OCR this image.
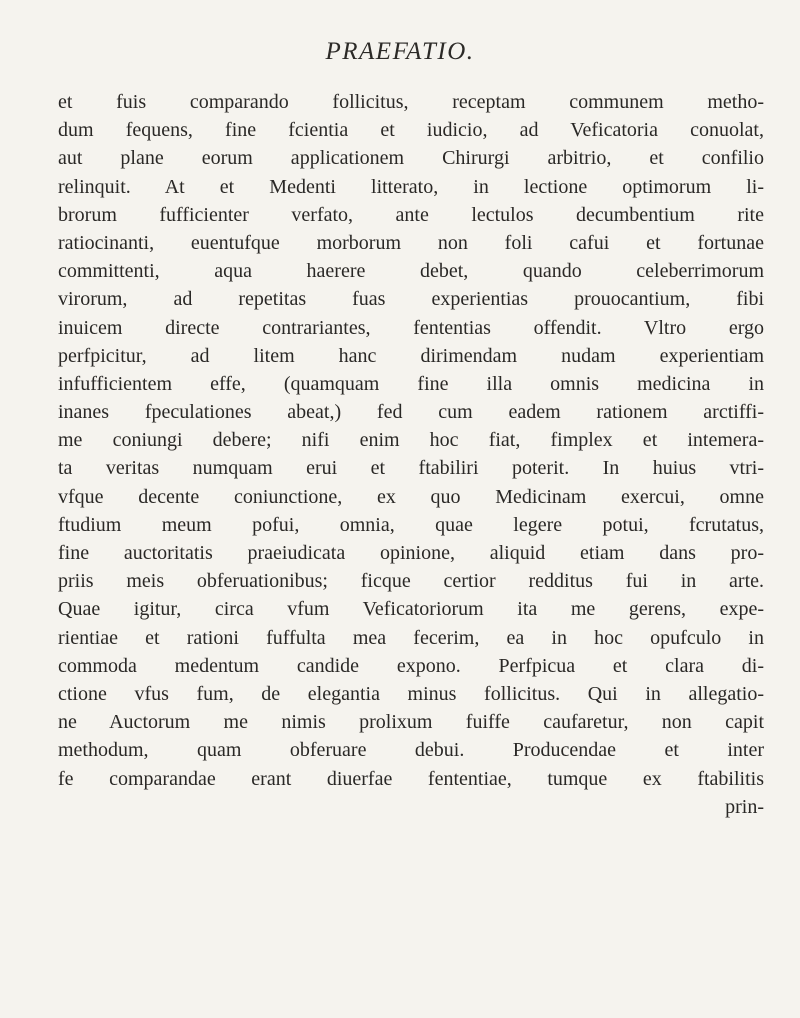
PRAEFATIO.
et fuis comparando follicitus, receptam communem metho-
dum fequens, fine fcientia et iudicio, ad Veficatoria conuolat,
aut plane eorum applicationem Chirurgi arbitrio, et confilio
relinquit. At et Medenti litterato, in lectione optimorum li-
brorum fufficienter verfato, ante lectulos decumbentium rite
ratiocinanti, euentufque morborum non foli cafui et fortunae
committenti, aqua haerere debet, quando celeberrimorum
virorum, ad repetitas fuas experientias prouocantium, fibi
inuicem directe contrariantes, fententias offendit. Vltro ergo
perfpicitur, ad litem hanc dirimendam nudam experientiam
infufficientem effe, (quamquam fine illa omnis medicina in
inanes fpeculationes abeat,) fed cum eadem rationem arctiffi-
me coniungi debere; nifi enim hoc fiat, fimplex et intemera-
ta veritas numquam erui et ftabiliri poterit. In huius vtri-
vfque decente coniunctione, ex quo Medicinam exercui, omne
ftudium meum pofui, omnia, quae legere potui, fcrutatus,
fine auctoritatis praeiudicata opinione, aliquid etiam dans pro-
priis meis obferuationibus; ficque certior redditus fui in arte.
Quae igitur, circa vfum Veficatoriorum ita me gerens, expe-
rientiae et rationi fuffulta mea fecerim, ea in hoc opufculo in
commoda medentum candide expono. Perfpicua et clara di-
ctione vfus fum, de elegantia minus follicitus. Qui in allegatio-
ne Auctorum me nimis prolixum fuiffe caufaretur, non capit
methodum, quam obferuare debui. Producendae et inter
fe comparandae erant diuerfae fententiae, tumque ex ftabilitis
prin-
